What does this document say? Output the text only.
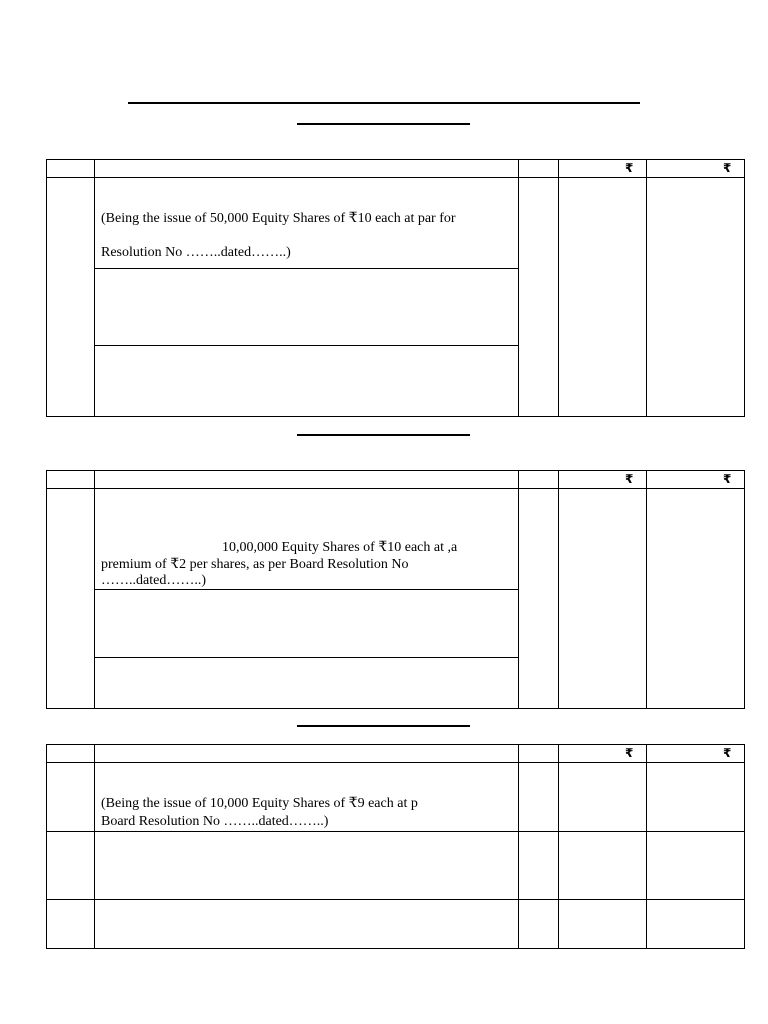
₹	₹
(Being the issue of 50,000 Equity Shares of ₹10 each at par for
Resolution No ……..dated……..)
₹	₹
10,00,000 Equity Shares of ₹10 each at ,a
premium of ₹2 per shares, as per Board Resolution No
……..dated……..)
₹	₹
(Being the issue of 10,000 Equity Shares of ₹9 each at p
Board Resolution No ……..dated……..)
